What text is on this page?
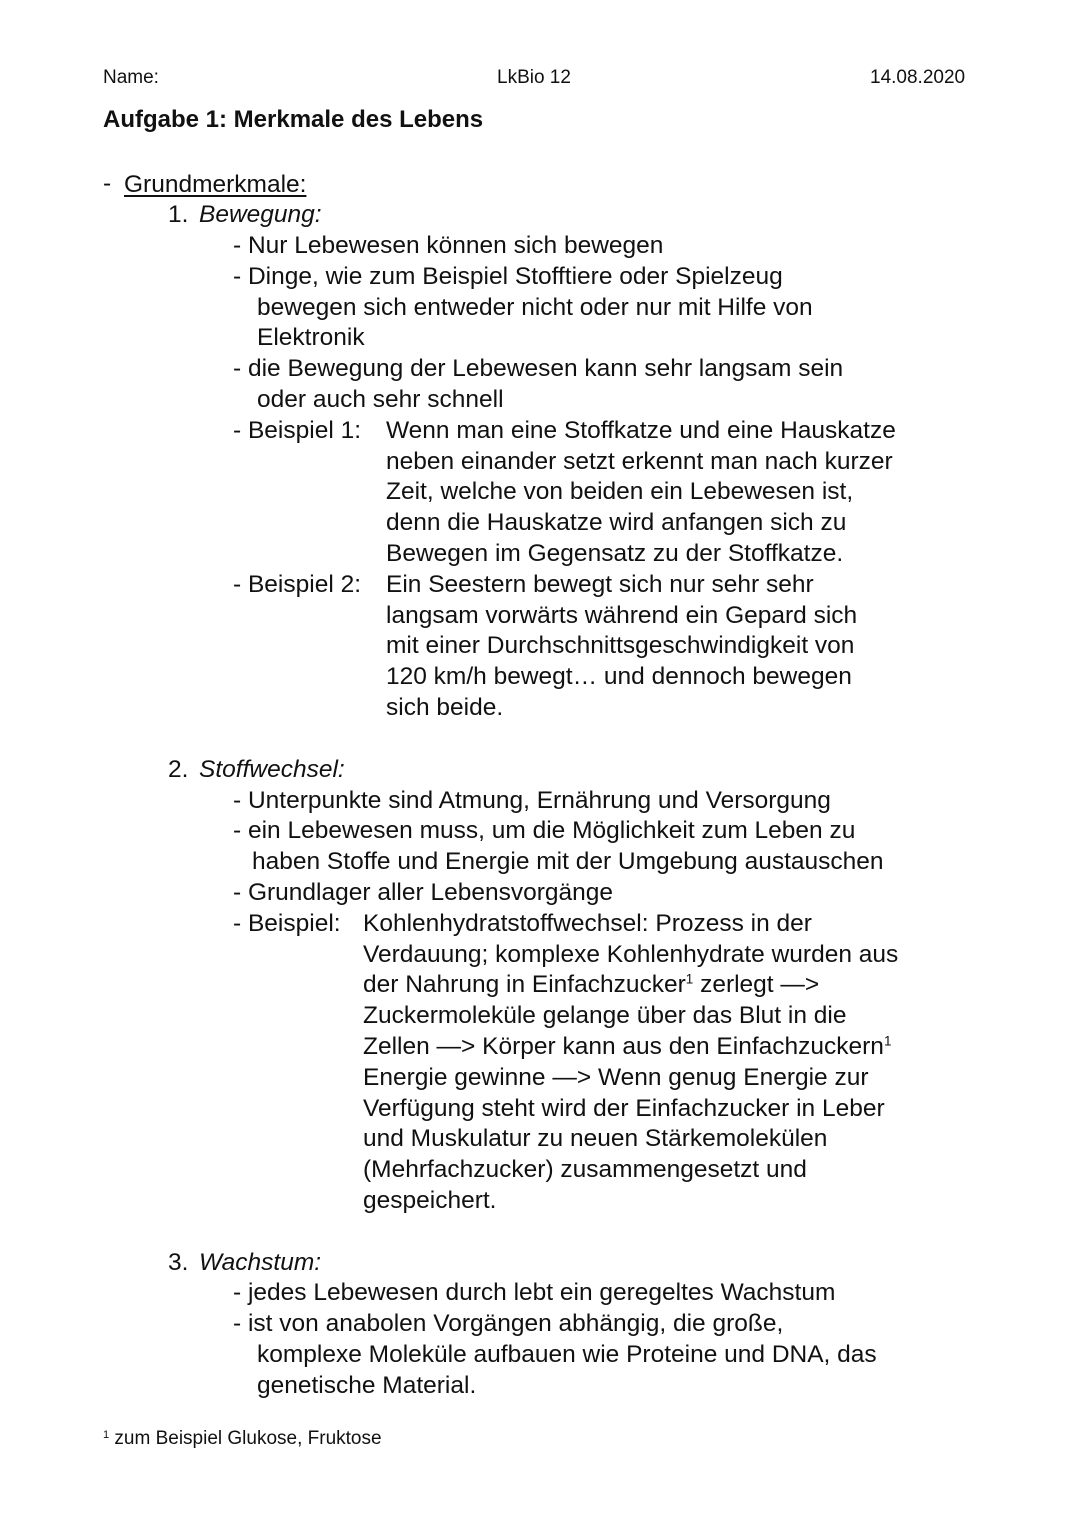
Name:	LkBio 12	14.08.2020
Aufgabe 1: Merkmale des Lebens
- Grundmerkmale:
1. Bewegung:
- Nur Lebewesen können sich bewegen
- Dinge, wie zum Beispiel Stofftiere oder Spielzeug
bewegen sich entweder nicht oder nur mit Hilfe von
Elektronik
- die Bewegung der Lebewesen kann sehr langsam sein
oder auch sehr schnell
- Beispiel 1: Wenn man eine Stoffkatze und eine Hauskatze
neben einander setzt erkennt man nach kurzer
Zeit, welche von beiden ein Lebewesen ist,
denn die Hauskatze wird anfangen sich zu
Bewegen im Gegensatz zu der Stoffkatze.
- Beispiel 2: Ein Seestern bewegt sich nur sehr sehr
langsam vorwärts während ein Gepard sich
mit einer Durchschnittsgeschwindigkeit von
120 km/h bewegt… und dennoch bewegen
sich beide.
2. Stoffwechsel:
- Unterpunkte sind Atmung, Ernährung und Versorgung
- ein Lebewesen muss, um die Möglichkeit zum Leben zu
haben Stoffe und Energie mit der Umgebung austauschen
- Grundlager aller Lebensvorgänge
- Beispiel: Kohlenhydratstoffwechsel: Prozess in der
Verdauung; komplexe Kohlenhydrate wurden aus
der Nahrung in Einfachzucker$^1$ zerlegt —>
Zuckermoleküle gelange über das Blut in die
Zellen —> Körper kann aus den Einfachzuckern$^1$
Energie gewinne —> Wenn genug Energie zur
Verfügung steht wird der Einfachzucker in Leber
und Muskulatur zu neuen Stärkemolekülen
(Mehrfachzucker) zusammengesetzt und
gespeichert.
3. Wachstum:
- jedes Lebewesen durch lebt ein geregeltes Wachstum
- ist von anabolen Vorgängen abhängig, die große,
komplexe Moleküle aufbauen wie Proteine und DNA, das
genetische Material.
$^1$ zum Beispiel Glukose, Fruktose
